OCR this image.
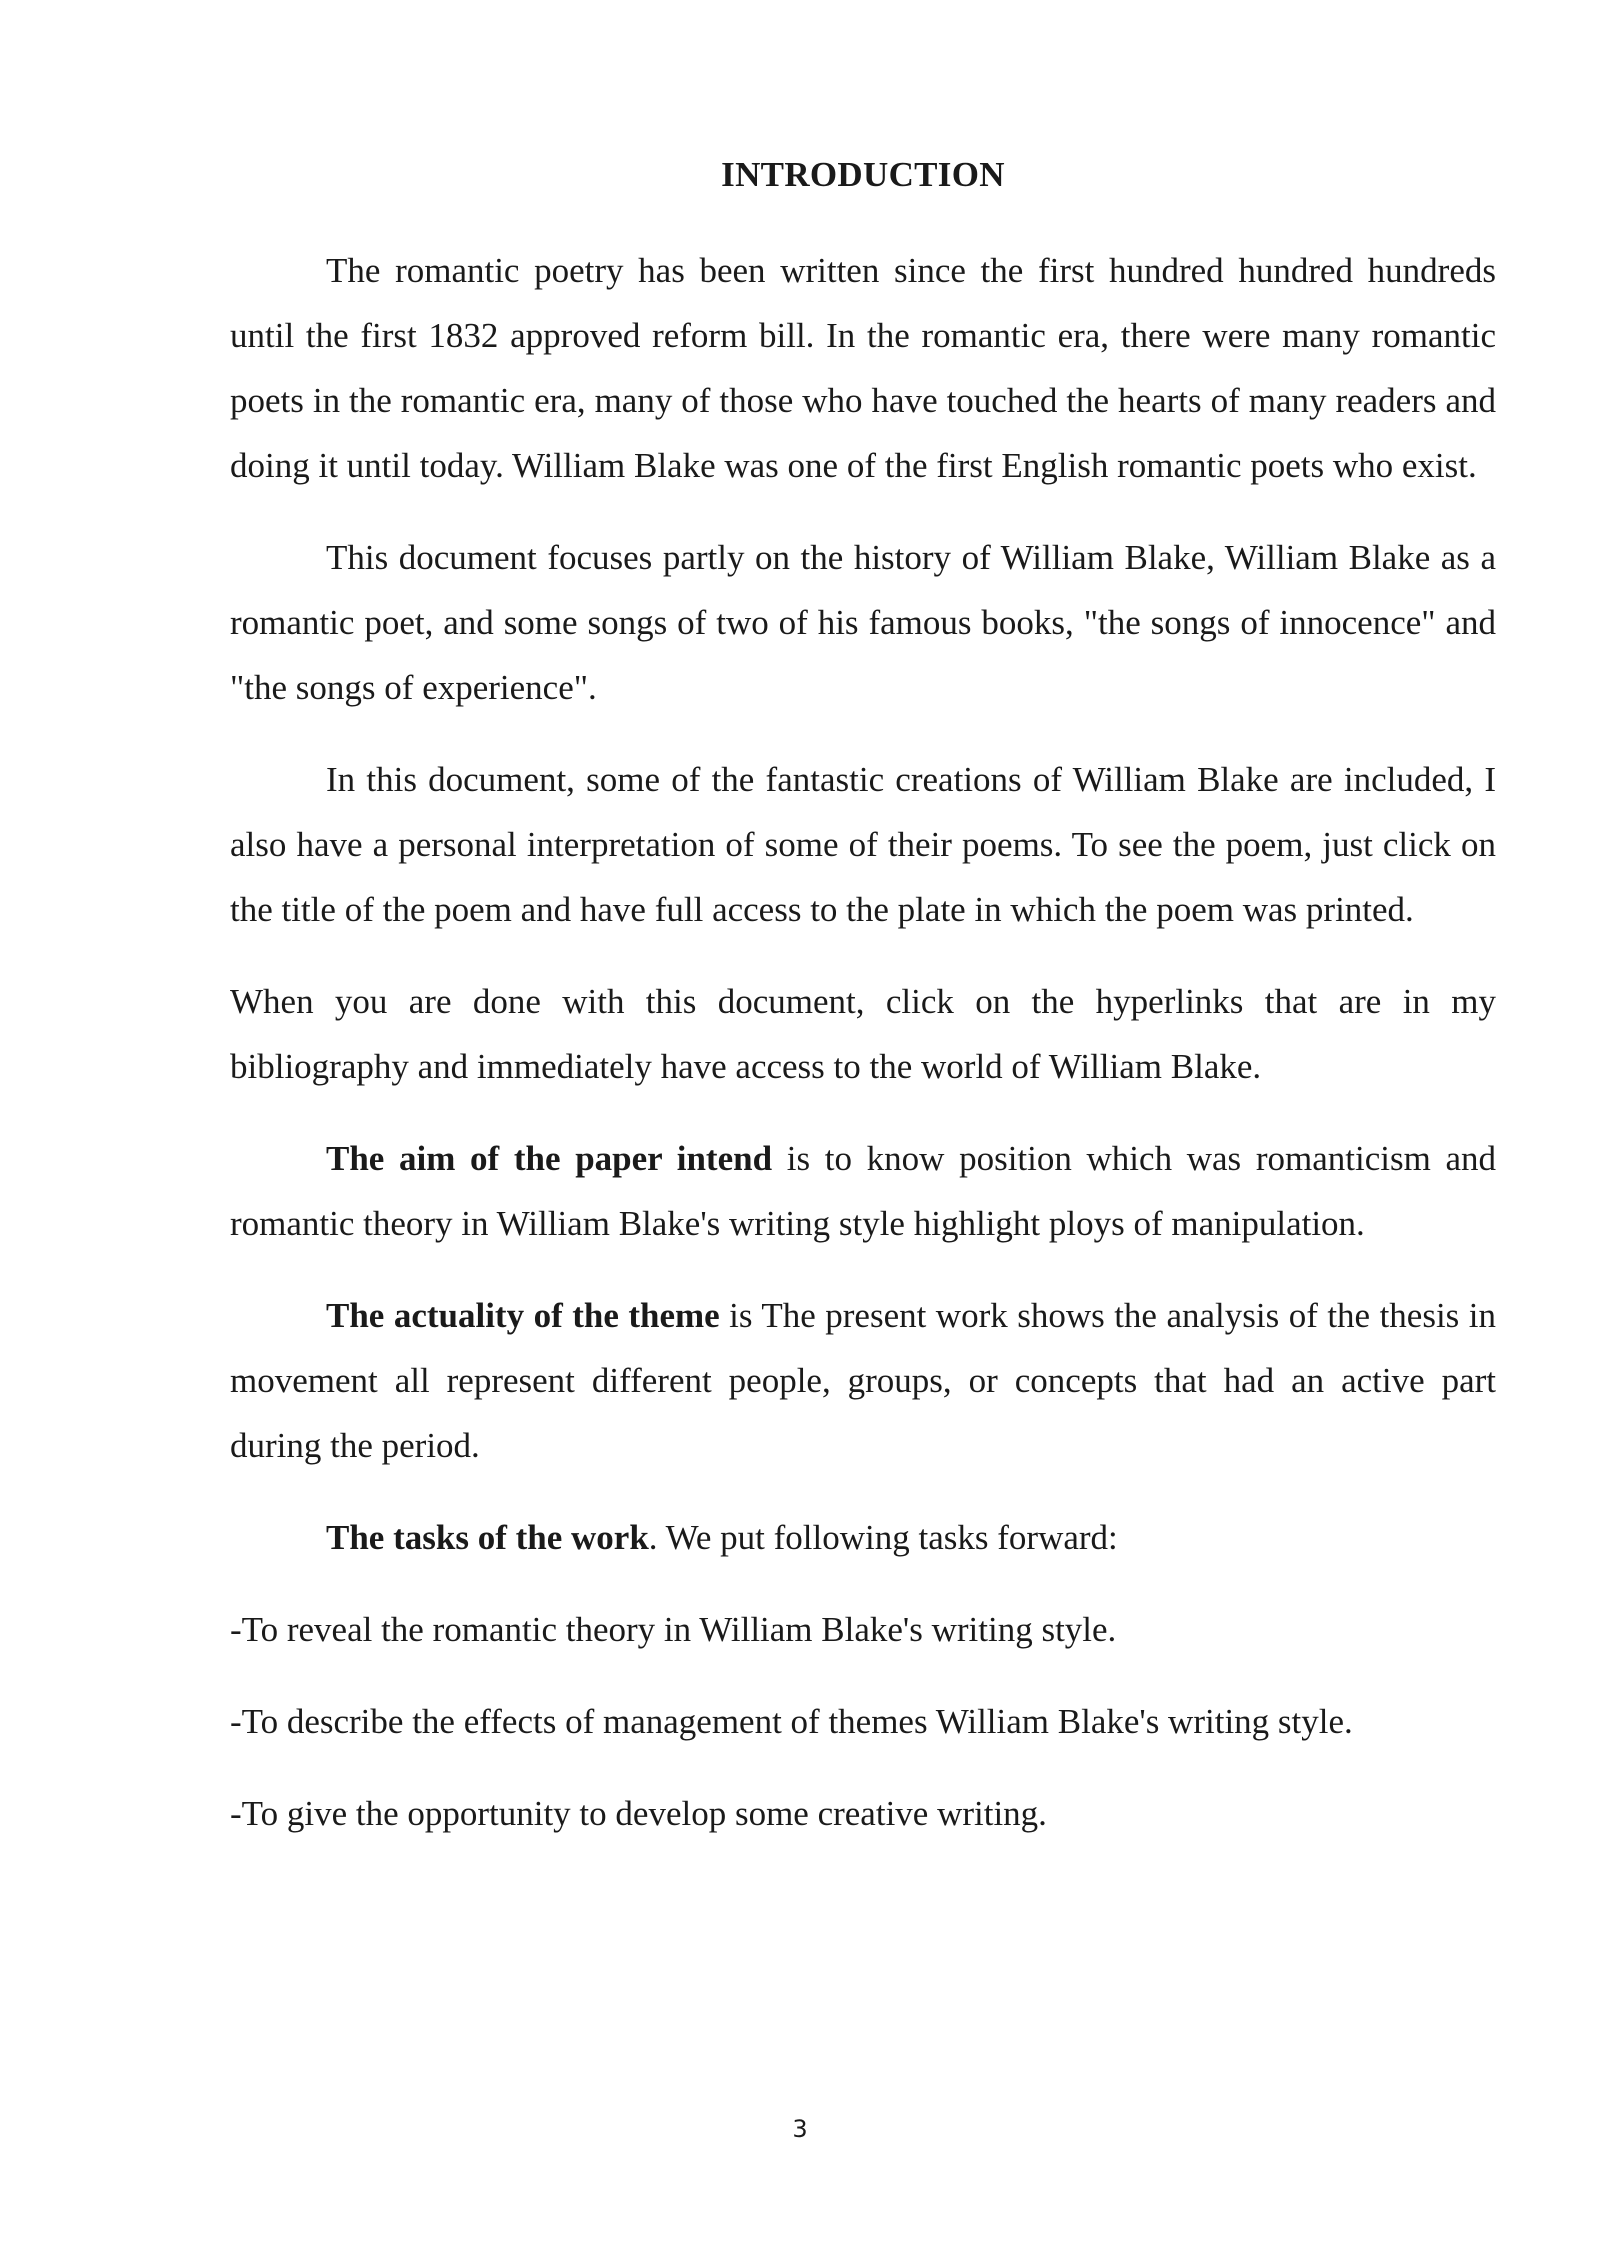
INTRODUCTION

The romantic poetry has been written since the first hundred hundred hundreds until the first 1832 approved reform bill. In the romantic era, there were many romantic poets in the romantic era, many of those who have touched the hearts of many readers and doing it until today. William Blake was one of the first English romantic poets who exist.

This document focuses partly on the history of William Blake, William Blake as a romantic poet, and some songs of two of his famous books, "the songs of innocence" and "the songs of experience".

In this document, some of the fantastic creations of William Blake are included, I also have a personal interpretation of some of their poems. To see the poem, just click on the title of the poem and have full access to the plate in which the poem was printed.

When you are done with this document, click on the hyperlinks that are in my bibliography and immediately have access to the world of William Blake.

The aim of the paper intend is to know position which was romanticism and romantic theory in William Blake's writing style highlight ploys of manipulation.

The actuality of the theme is The present work shows the analysis of the thesis in movement all represent different people, groups, or concepts that had an active part during the period.

The tasks of the work. We put following tasks forward:

-To reveal the romantic theory in William Blake's writing style.

-To describe the effects of management of themes William Blake's writing style.

-To give the opportunity to develop some creative writing.

3
